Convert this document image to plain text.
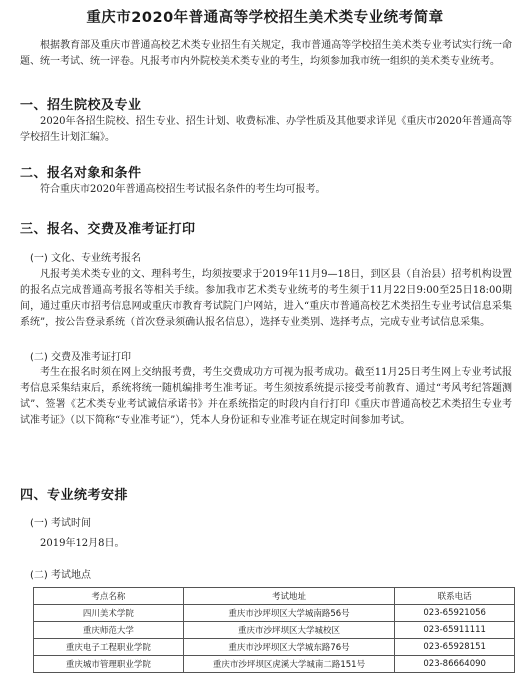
重庆市2020年普通高等学校招生美术类专业统考简章
根据教育部及重庆市普通高校艺术类专业招生有关规定，我市普通高等学校招生美术类专业考试实行统一命题、统一考试、统一评卷。凡报考市内外院校美术类专业的考生，均须参加我市统一组织的美术类专业统考。
一、招生院校及专业
2020年各招生院校、招生专业、招生计划、收费标准、办学性质及其他要求详见《重庆市2020年普通高等学校招生计划汇编》。
二、报名对象和条件
符合重庆市2020年普通高校招生考试报名条件的考生均可报考。
三、报名、交费及准考证打印
(一) 文化、专业统考报名
凡报考美术类专业的文、理科考生，均须按要求于2019年11月9—18日，到区县（自治县）招考机构设置的报名点完成普通高考报名等相关手续。参加我市艺术类专业统考的考生须于11月22日9:00至25日18:00期间，通过重庆市招考信息网或重庆市教育考试院门户网站，进入“重庆市普通高校艺术类招生专业考试信息采集系统”，按公告登录系统（首次登录须确认报名信息），选择专业类别、选择考点，完成专业考试信息采集。
(二) 交费及准考证打印
考生在报名时须在网上交纳报考费，考生交费成功方可视为报考成功。截至11月25日考生网上专业考试报考信息采集结束后，系统将统一随机编排考生准考证。考生须按系统提示接受考前教育、通过“考风考纪答题测试”、签署《艺术类专业考试诚信承诺书》并在系统指定的时段内自行打印《重庆市普通高校艺术类招生专业考试准考证》（以下简称“专业准考证”），凭本人身份证和专业准考证在规定时间参加考试。
四、专业统考安排
(一) 考试时间
2019年12月8日。
(二) 考试地点
考点名称	考试地址	联系电话
四川美术学院	重庆市沙坪坝区大学城南路56号	023-65921056
重庆师范大学	重庆市沙坪坝区大学城校区	023-65911111
重庆电子工程职业学院	重庆市沙坪坝区大学城东路76号	023-65928151
重庆城市管理职业学院	重庆市沙坪坝区虎溪大学城南二路151号	023-86664090
